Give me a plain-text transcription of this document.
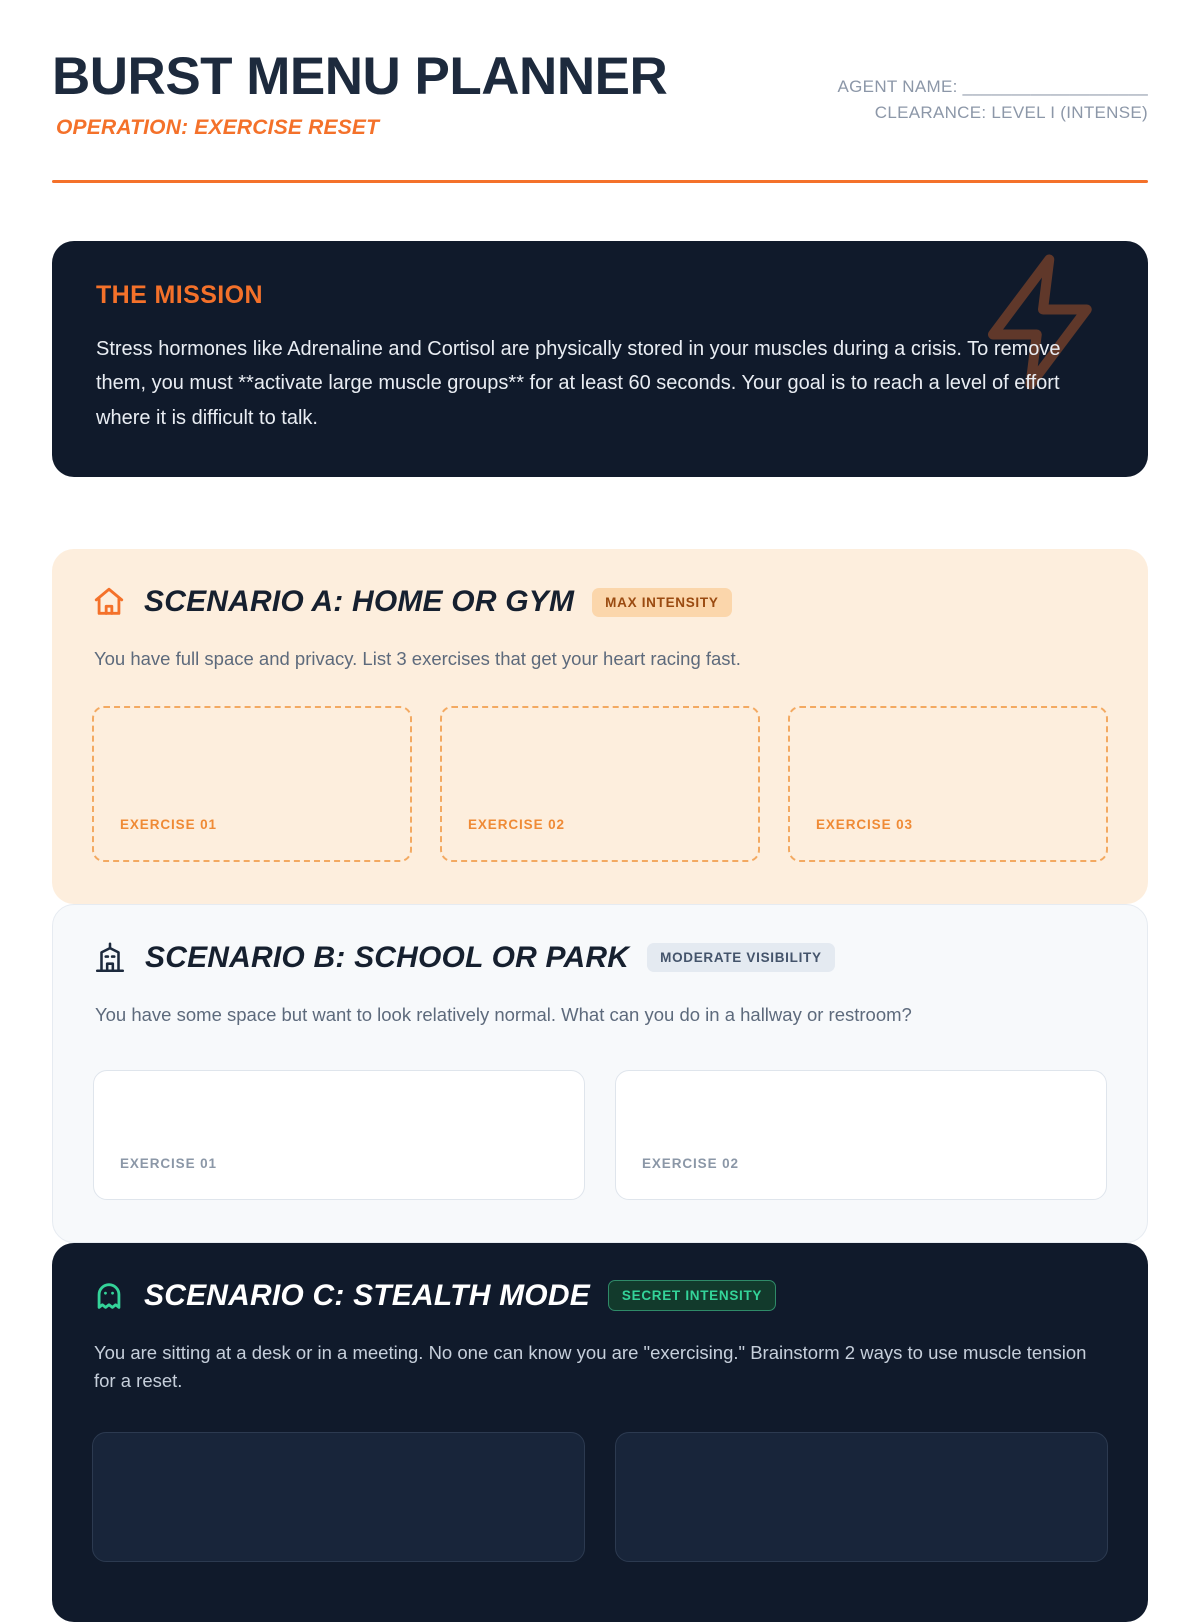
BURST MENU PLANNER
OPERATION: EXERCISE RESET
AGENT NAME: ___________________
CLEARANCE: LEVEL I (INTENSE)
THE MISSION

Stress hormones like Adrenaline and Cortisol are physically stored in your muscles during a crisis. To remove them, you must **activate large muscle groups** for at least 60 seconds. Your goal is to reach a level of effort where it is difficult to talk.

SCENARIO A: HOME OR GYM	MAX INTENSITY
You have full space and privacy. List 3 exercises that get your heart racing fast.
EXERCISE 01	EXERCISE 02	EXERCISE 03
SCENARIO B: SCHOOL OR PARK	MODERATE VISIBILITY
You have some space but want to look relatively normal. What can you do in a hallway or restroom?
EXERCISE 01	EXERCISE 02
SCENARIO C: STEALTH MODE	SECRET INTENSITY
You are sitting at a desk or in a meeting. No one can know you are "exercising." Brainstorm 2 ways to use muscle tension for a reset.
